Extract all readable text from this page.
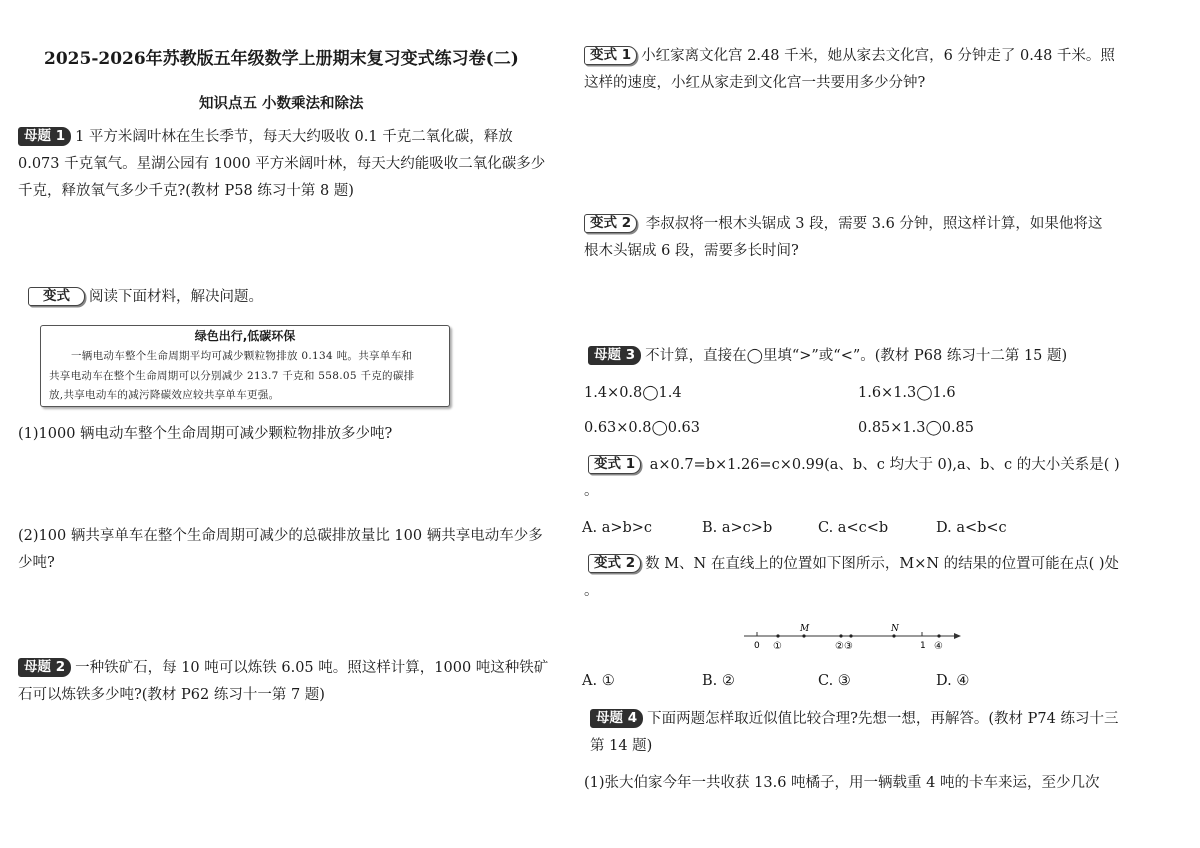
2025-2026年苏教版五年级数学上册期末复习变式练习卷(二)
知识点五 小数乘法和除法
母题 1 1 平方米阔叶林在生长季节，每天大约吸收 0.1 千克二氧化碳，释放
0.073 千克氧气。星湖公园有 1000 平方米阔叶林，每天大约能吸收二氧化碳多少
千克，释放氧气多少千克?(教材 P58 练习十第 8 题)
变式 阅读下面材料，解决问题。
绿色出行,低碳环保
一辆电动车整个生命周期平均可减少颗粒物排放 0.134 吨。共享单车和
共享电动车在整个生命周期可以分别减少 213.7 千克和 558.05 千克的碳排
放,共享电动车的减污降碳效应较共享单车更强。
(1)1000 辆电动车整个生命周期可减少颗粒物排放多少吨?
(2)100 辆共享单车在整个生命周期可减少的总碳排放量比 100 辆共享电动车少多
少吨?
母题 2 一种铁矿石，每 10 吨可以炼铁 6.05 吨。照这样计算，1000 吨这种铁矿
石可以炼铁多少吨?(教材 P62 练习十一第 7 题)
变式 1 小红家离文化宫 2.48 千米，她从家去文化宫，6 分钟走了 0.48 千米。照
这样的速度，小红从家走到文化宫一共要用多少分钟?
变式 2 李叔叔将一根木头锯成 3 段，需要 3.6 分钟，照这样计算，如果他将这
根木头锯成 6 段，需要多长时间?
母题 3 不计算，直接在◯里填“>”或“<”。(教材 P68 练习十二第 15 题)
1.4×0.8◯1.4	1.6×1.3◯1.6
0.63×0.8◯0.63	0.85×1.3◯0.85
变式 1 a×0.7=b×1.26=c×0.99(a、b、c 均大于 0),a、b、c 的大小关系是( )
。
A. a>b>c	B. a>c>b	C. a<c<b	D. a<b<c
变式 2 数 M、N 在直线上的位置如下图所示，M×N 的结果的位置可能在点( )处
。
M	N
0 ①	②③	1 ④
A. ①	B. ②	C. ③	D. ④
母题 4 下面两题怎样取近似值比较合理?先想一想，再解答。(教材 P74 练习十三
第 14 题)
(1)张大伯家今年一共收获 13.6 吨橘子，用一辆载重 4 吨的卡车来运，至少几次
